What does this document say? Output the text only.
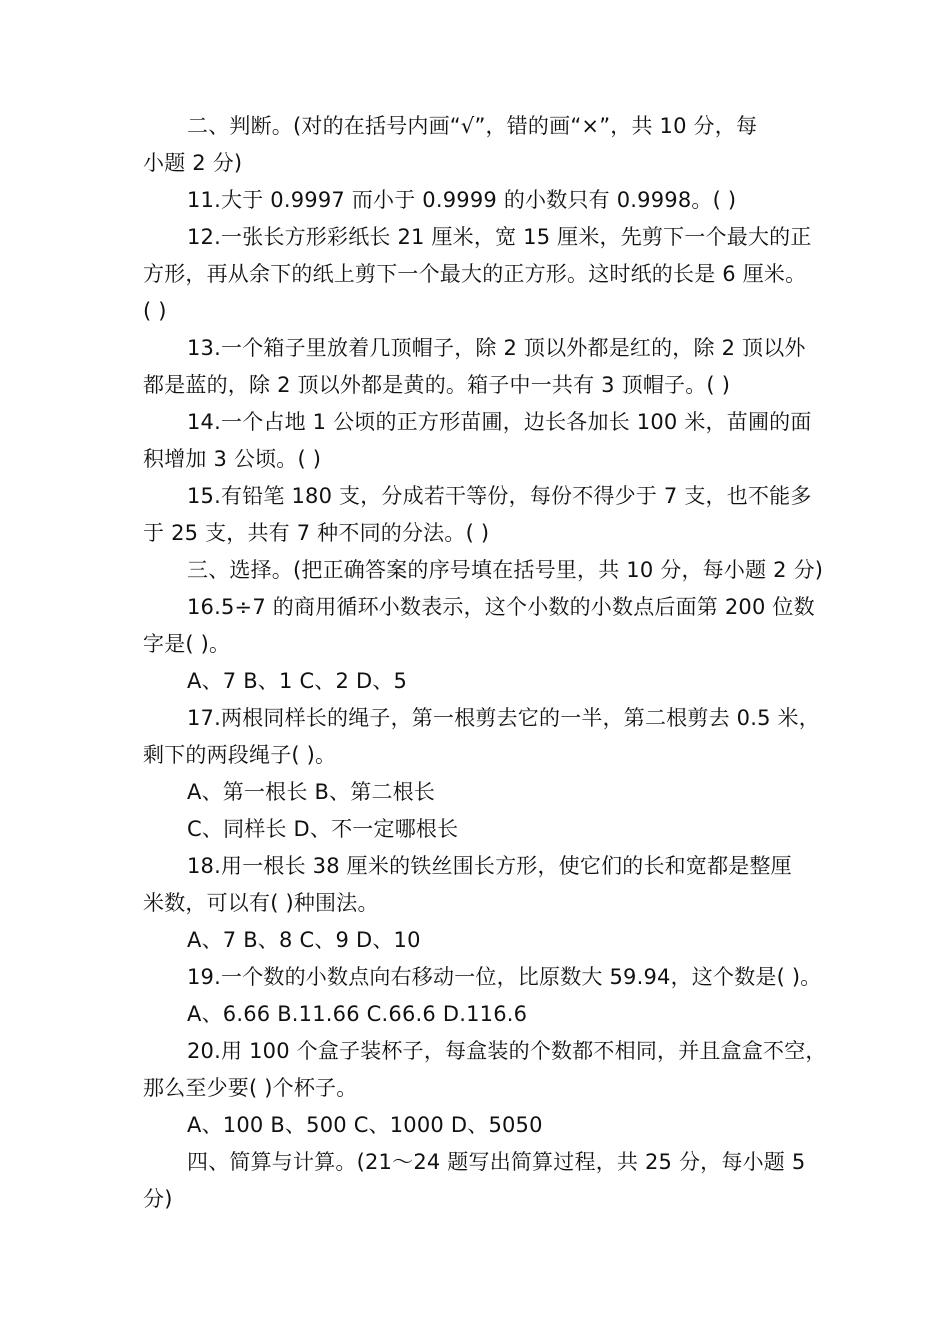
二、判断。(对的在括号内画“√”，错的画“×”，共 10 分，每
小题 2 分)
11.大于 0.9997 而小于 0.9999 的小数只有 0.9998。( )
12.一张长方形彩纸长 21 厘米，宽 15 厘米，先剪下一个最大的正
方形，再从余下的纸上剪下一个最大的正方形。这时纸的长是 6 厘米。
( )
13.一个箱子里放着几顶帽子，除 2 顶以外都是红的，除 2 顶以外
都是蓝的，除 2 顶以外都是黄的。箱子中一共有 3 顶帽子。( )
14.一个占地 1 公顷的正方形苗圃，边长各加长 100 米，苗圃的面
积增加 3 公顷。( )
15.有铅笔 180 支，分成若干等份，每份不得少于 7 支，也不能多
于 25 支，共有 7 种不同的分法。( )
三、选择。(把正确答案的序号填在括号里，共 10 分，每小题 2 分)
16.5÷7 的商用循环小数表示，这个小数的小数点后面第 200 位数
字是( )。
A、7 B、1 C、2 D、5
17.两根同样长的绳子，第一根剪去它的一半，第二根剪去 0.5 米，
剩下的两段绳子( )。
A、第一根长 B、第二根长
C、同样长 D、不一定哪根长
18.用一根长 38 厘米的铁丝围长方形，使它们的长和宽都是整厘
米数，可以有( )种围法。
A、7 B、8 C、9 D、10
19.一个数的小数点向右移动一位，比原数大 59.94，这个数是( )。
A、6.66 B.11.66 C.66.6 D.116.6
20.用 100 个盒子装杯子，每盒装的个数都不相同，并且盒盒不空，
那么至少要( )个杯子。
A、100 B、500 C、1000 D、5050
四、简算与计算。(21～24 题写出简算过程，共 25 分，每小题 5
分)
